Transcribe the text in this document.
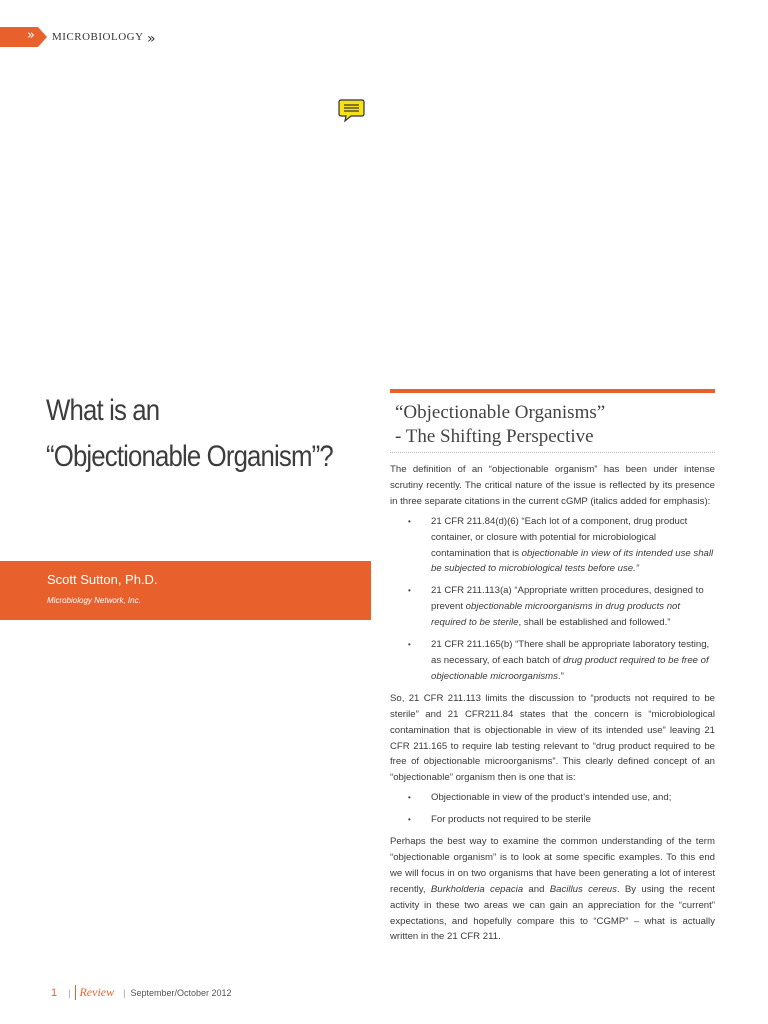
» MICROBIOLOGY »
What is an
“Objectionable Organism”?
Scott Sutton, Ph.D.
Microbiology Network, Inc.
“Objectionable Organisms”
- The Shifting Perspective

The definition of an “objectionable organism” has been under intense scrutiny recently. The critical nature of the issue is reflected by its presence in three separate citations in the current cGMP (italics added for emphasis):

• 21 CFR 211.84(d)(6) “Each lot of a component, drug product container, or closure with potential for microbiological contamination that is objectionable in view of its intended use shall be subjected to microbiological tests before use.”
• 21 CFR 211.113(a) “Appropriate written procedures, designed to prevent objectionable microorganisms in drug products not required to be sterile, shall be established and followed.”
• 21 CFR 211.165(b) “There shall be appropriate laboratory testing, as necessary, of each batch of drug product required to be free of objectionable microorganisms.”

So, 21 CFR 211.113 limits the discussion to “products not required to be sterile” and 21 CFR211.84 states that the concern is “microbiological contamination that is objectionable in view of its intended use” leaving 21 CFR 211.165 to require lab testing relevant to “drug product required to be free of objectionable microorganisms”. This clearly defined concept of an “objectionable” organism then is one that is:

• Objectionable in view of the product’s intended use, and;
• For products not required to be sterile

Perhaps the best way to examine the common understanding of the term “objectionable organism” is to look at some specific examples. To this end we will focus in on two organisms that have been generating a lot of interest recently, Burkholderia cepacia and Bacillus cereus. By using the recent activity in these two areas we can gain an appreciation for the “current” expectations, and hopefully compare this to “CGMP” – what is actually written in the 21 CFR 211.

1 | Review | September/October 2012
